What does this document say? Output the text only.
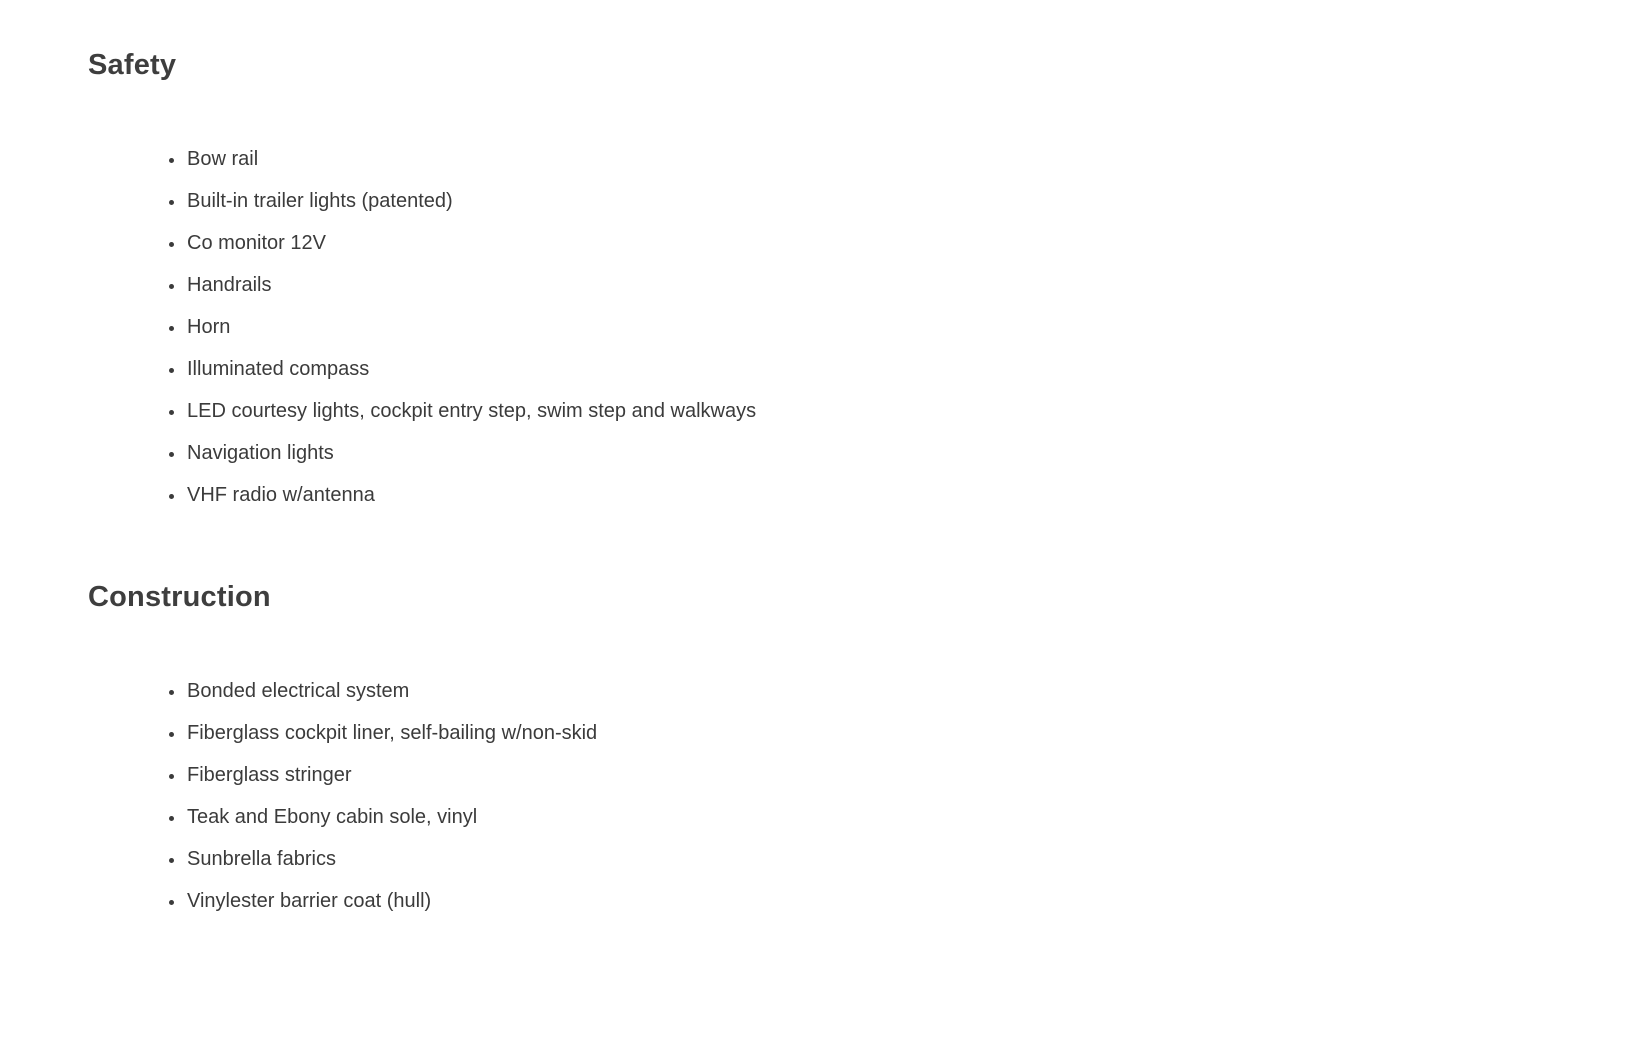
Safety
• Bow rail
• Built-in trailer lights (patented)
• Co monitor 12V
• Handrails
• Horn
• Illuminated compass
• LED courtesy lights, cockpit entry step, swim step and walkways
• Navigation lights
• VHF radio w/antenna
Construction
• Bonded electrical system
• Fiberglass cockpit liner, self-bailing w/non-skid
• Fiberglass stringer
• Teak and Ebony cabin sole, vinyl
• Sunbrella fabrics
• Vinylester barrier coat (hull)
